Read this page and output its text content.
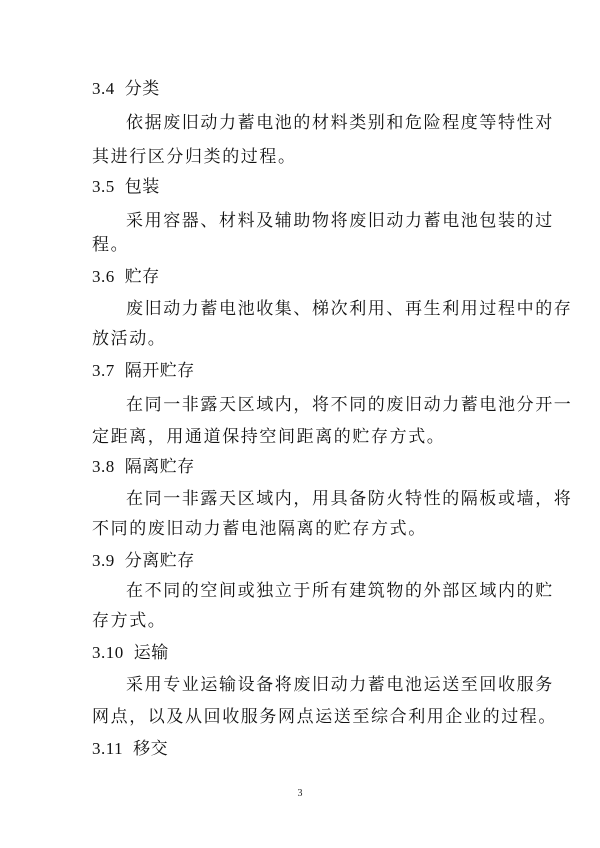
3.4 分类
依据废旧动力蓄电池的材料类别和危险程度等特性对
其进行区分归类的过程。
3.5 包装
采用容器、材料及辅助物将废旧动力蓄电池包装的过
程。
3.6 贮存
废旧动力蓄电池收集、梯次利用、再生利用过程中的存
放活动。
3.7 隔开贮存
在同一非露天区域内，将不同的废旧动力蓄电池分开一
定距离，用通道保持空间距离的贮存方式。
3.8 隔离贮存
在同一非露天区域内，用具备防火特性的隔板或墙，将
不同的废旧动力蓄电池隔离的贮存方式。
3.9 分离贮存
在不同的空间或独立于所有建筑物的外部区域内的贮
存方式。
3.10 运输
采用专业运输设备将废旧动力蓄电池运送至回收服务
网点，以及从回收服务网点运送至综合利用企业的过程。
3.11 移交
3
